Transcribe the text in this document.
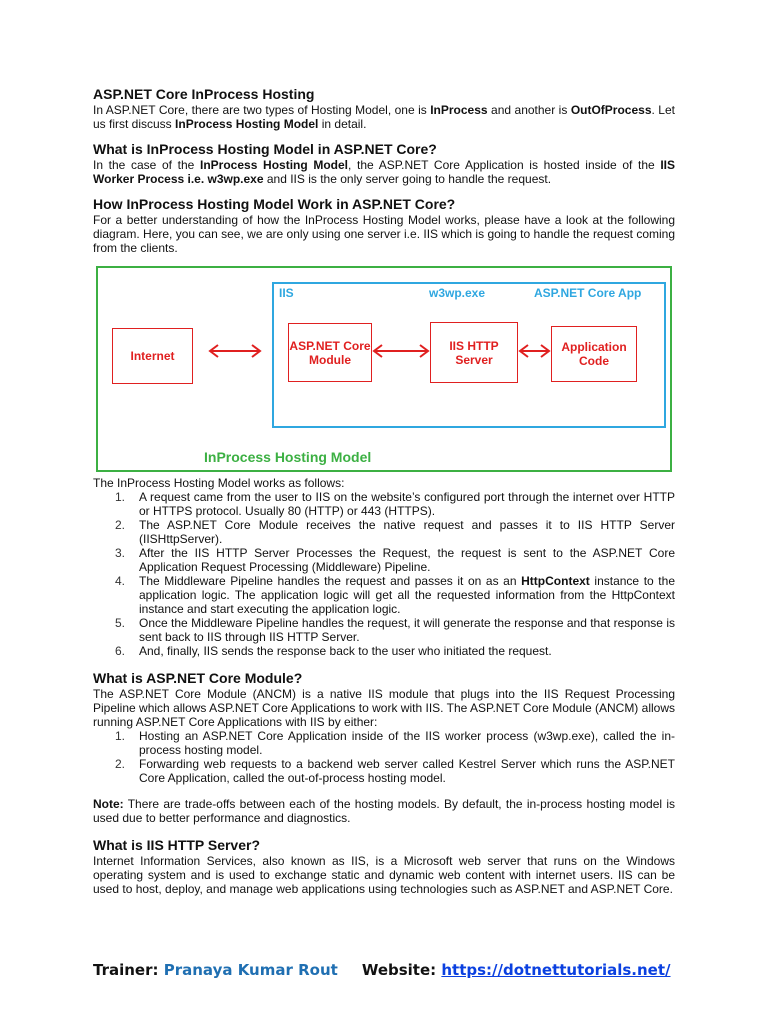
ASP.NET Core InProcess Hosting

In ASP.NET Core, there are two types of Hosting Model, one is InProcess and another is OutOfProcess. Let us first discuss InProcess Hosting Model in detail.

What is InProcess Hosting Model in ASP.NET Core?

In the case of the InProcess Hosting Model, the ASP.NET Core Application is hosted inside of the IIS Worker Process i.e. w3wp.exe and IIS is the only server going to handle the request.

How InProcess Hosting Model Work in ASP.NET Core?

For a better understanding of how the InProcess Hosting Model works, please have a look at the following diagram. Here, you can see, we are only using one server i.e. IIS which is going to handle the request coming from the clients.

IIS	w3wp.exe	ASP.NET Core App
Internet
ASP.NET Core Module
IIS HTTP Server
Application Code
InProcess Hosting Model

The InProcess Hosting Model works as follows:

1. A request came from the user to IIS on the website’s configured port through the internet over HTTP or HTTPS protocol. Usually 80 (HTTP) or 443 (HTTPS).
2. The ASP.NET Core Module receives the native request and passes it to IIS HTTP Server (IISHttpServer).
3. After the IIS HTTP Server Processes the Request, the request is sent to the ASP.NET Core Application Request Processing (Middleware) Pipeline.
4. The Middleware Pipeline handles the request and passes it on as an HttpContext instance to the application logic. The application logic will get all the requested information from the HttpContext instance and start executing the application logic.
5. Once the Middleware Pipeline handles the request, it will generate the response and that response is sent back to IIS through IIS HTTP Server.
6. And, finally, IIS sends the response back to the user who initiated the request.

What is ASP.NET Core Module?

The ASP.NET Core Module (ANCM) is a native IIS module that plugs into the IIS Request Processing Pipeline which allows ASP.NET Core Applications to work with IIS. The ASP.NET Core Module (ANCM) allows running ASP.NET Core Applications with IIS by either:

1. Hosting an ASP.NET Core Application inside of the IIS worker process (w3wp.exe), called the in-process hosting model.
2. Forwarding web requests to a backend web server called Kestrel Server which runs the ASP.NET Core Application, called the out-of-process hosting model.

Note: There are trade-offs between each of the hosting models. By default, the in-process hosting model is used due to better performance and diagnostics.

What is IIS HTTP Server?

Internet Information Services, also known as IIS, is a Microsoft web server that runs on the Windows operating system and is used to exchange static and dynamic web content with internet users. IIS can be used to host, deploy, and manage web applications using technologies such as ASP.NET and ASP.NET Core.

Trainer: Pranaya Kumar Rout Website: https://dotnettutorials.net/
